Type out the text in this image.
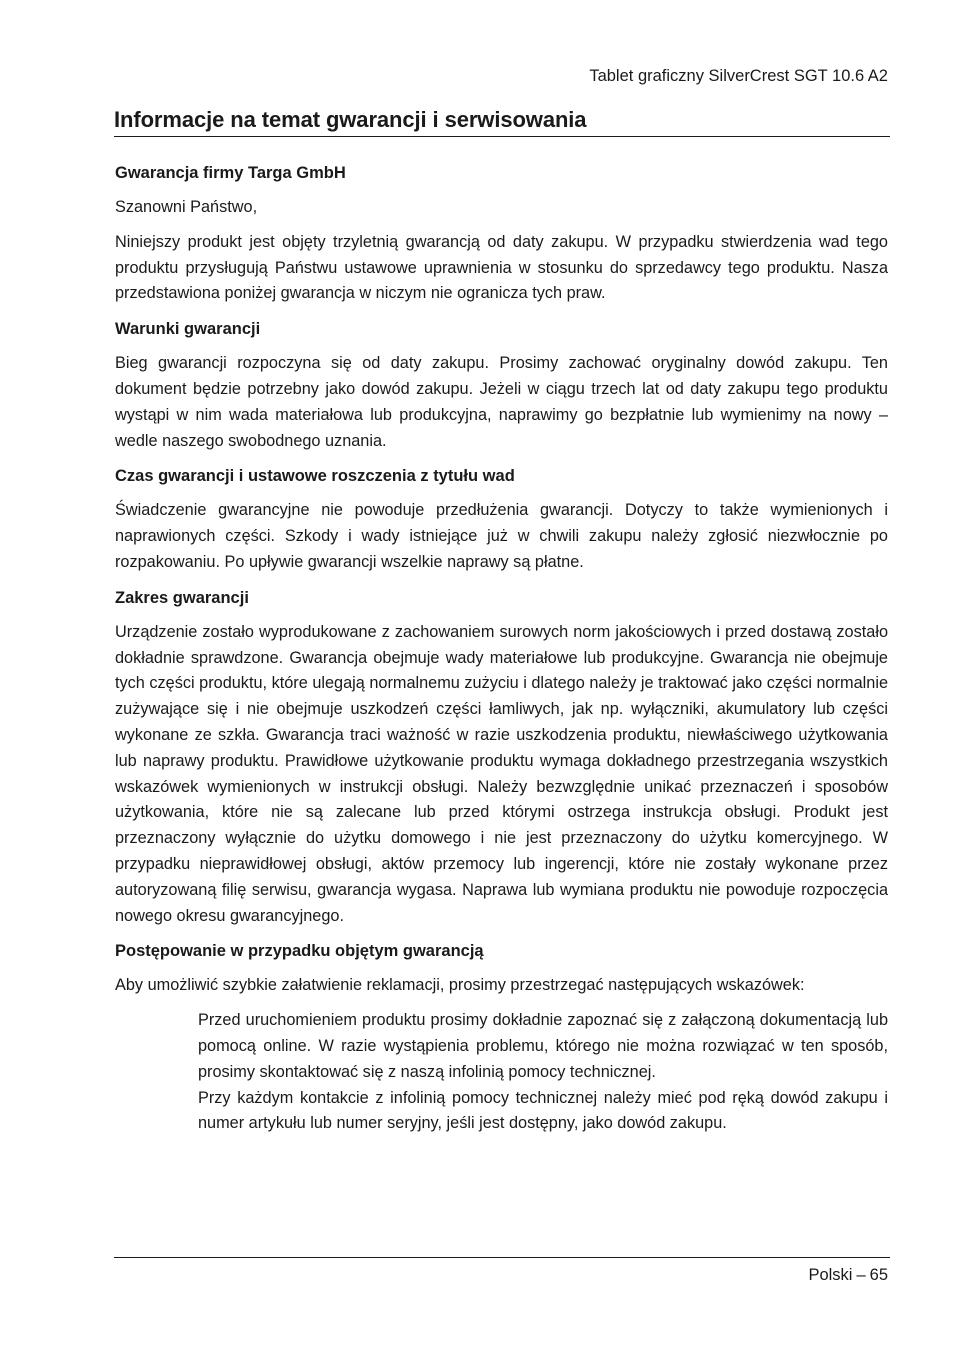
Tablet graficzny SilverCrest SGT 10.6 A2
Informacje na temat gwarancji i serwisowania
Gwarancja firmy Targa GmbH

Szanowni Państwo,

Niniejszy produkt jest objęty trzyletnią gwarancją od daty zakupu. W przypadku stwierdzenia wad tego produktu przysługują Państwu ustawowe uprawnienia w stosunku do sprzedawcy tego produktu. Nasza przedstawiona poniżej gwarancja w niczym nie ogranicza tych praw.

Warunki gwarancji

Bieg gwarancji rozpoczyna się od daty zakupu. Prosimy zachować oryginalny dowód zakupu. Ten dokument będzie potrzebny jako dowód zakupu. Jeżeli w ciągu trzech lat od daty zakupu tego produktu wystąpi w nim wada materiałowa lub produkcyjna, naprawimy go bezpłatnie lub wymienimy na nowy – wedle naszego swobodnego uznania.

Czas gwarancji i ustawowe roszczenia z tytułu wad

Świadczenie gwarancyjne nie powoduje przedłużenia gwarancji. Dotyczy to także wymienionych i naprawionych części. Szkody i wady istniejące już w chwili zakupu należy zgłosić niezwłocznie po rozpakowaniu. Po upływie gwarancji wszelkie naprawy są płatne.

Zakres gwarancji

Urządzenie zostało wyprodukowane z zachowaniem surowych norm jakościowych i przed dostawą zostało dokładnie sprawdzone. Gwarancja obejmuje wady materiałowe lub produkcyjne. Gwarancja nie obejmuje tych części produktu, które ulegają normalnemu zużyciu i dlatego należy je traktować jako części normalnie zużywające się i nie obejmuje uszkodzeń części łamliwych, jak np. wyłączniki, akumulatory lub części wykonane ze szkła. Gwarancja traci ważność w razie uszkodzenia produktu, niewłaściwego użytkowania lub naprawy produktu. Prawidłowe użytkowanie produktu wymaga dokładnego przestrzegania wszystkich wskazówek wymienionych w instrukcji obsługi. Należy bezwzględnie unikać przeznaczeń i sposobów użytkowania, które nie są zalecane lub przed którymi ostrzega instrukcja obsługi. Produkt jest przeznaczony wyłącznie do użytku domowego i nie jest przeznaczony do użytku komercyjnego. W przypadku nieprawidłowej obsługi, aktów przemocy lub ingerencji, które nie zostały wykonane przez autoryzowaną filię serwisu, gwarancja wygasa. Naprawa lub wymiana produktu nie powoduje rozpoczęcia nowego okresu gwarancyjnego.

Postępowanie w przypadku objętym gwarancją

Aby umożliwić szybkie załatwienie reklamacji, prosimy przestrzegać następujących wskazówek:

Przed uruchomieniem produktu prosimy dokładnie zapoznać się z załączoną dokumentacją lub pomocą online. W razie wystąpienia problemu, którego nie można rozwiązać w ten sposób, prosimy skontaktować się z naszą infolinią pomocy technicznej.

Przy każdym kontakcie z infolinią pomocy technicznej należy mieć pod ręką dowód zakupu i numer artykułu lub numer seryjny, jeśli jest dostępny, jako dowód zakupu.

Polski – 65
